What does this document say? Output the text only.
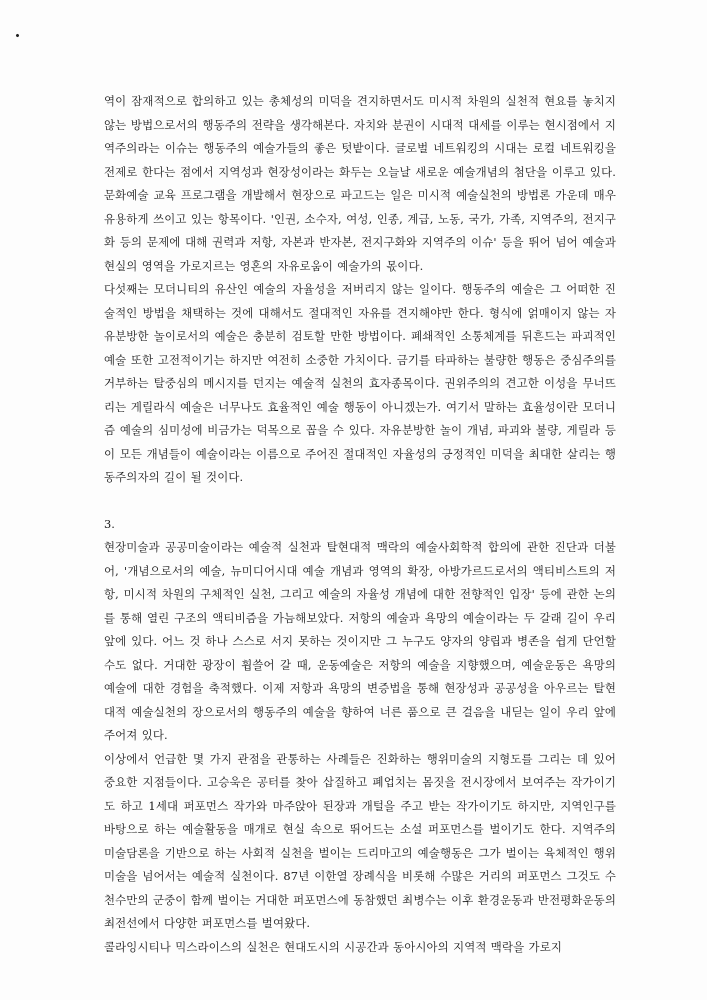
역이 잠재적으로 합의하고 있는 총체성의 미덕을 견지하면서도 미시적 차원의 실천적 현요를 놓치지 않는 방법으로서의 행동주의 전략을 생각해본다. 자치와 분권이 시대적 대세를 이루는 현시점에서 지역주의라는 이슈는 행동주의 예술가들의 좋은 텃밭이다. 글로벌 네트워킹의 시대는 로컬 네트워킹을 전제로 한다는 점에서 지역성과 현장성이라는 화두는 오늘날 새로운 예술개념의 첨단을 이루고 있다. 문화예술 교육 프로그램을 개발해서 현장으로 파고드는 일은 미시적 예술실천의 방법론 가운데 매우 유용하게 쓰이고 있는 항목이다. '인권, 소수자, 여성, 인종, 계급, 노동, 국가, 가족, 지역주의, 전지구화 등의 문제에 대해 권력과 저항, 자본과 반자본, 전지구화와 지역주의 이슈' 등을 뛰어 넘어 예술과 현실의 영역을 가로지르는 영혼의 자유로움이 예술가의 몫이다.

다섯째는 모더니티의 유산인 예술의 자율성을 저버리지 않는 일이다. 행동주의 예술은 그 어떠한 진술적인 방법을 채택하는 것에 대해서도 절대적인 자유를 견지해야만 한다. 형식에 얽매이지 않는 자유분방한 놀이로서의 예술은 충분히 검토할 만한 방법이다. 폐쇄적인 소통체계를 뒤흔드는 파괴적인 예술 또한 고전적이기는 하지만 여전히 소중한 가치이다. 금기를 타파하는 불량한 행동은 중심주의를 거부하는 탈중심의 메시지를 던지는 예술적 실천의 효자종목이다. 권위주의의 견고한 이성을 무너뜨리는 게릴라식 예술은 너무나도 효율적인 예술 행동이 아니겠는가. 여기서 말하는 효율성이란 모더니즘 예술의 심미성에 비금가는 덕목으로 꼽을 수 있다. 자유분방한 놀이 개념, 파괴와 불량, 게릴라 등 이 모든 개념들이 예술이라는 이름으로 주어진 절대적인 자율성의 긍정적인 미덕을 최대한 살리는 행동주의자의 길이 될 것이다.

3.

현장미술과 공공미술이라는 예술적 실천과 탈현대적 맥락의 예술사회학적 합의에 관한 진단과 더불어, '개념으로서의 예술, 뉴미디어시대 예술 개념과 영역의 확장, 아방가르드로서의 액티비스트의 저항, 미시적 차원의 구체적인 실천, 그리고 예술의 자율성 개념에 대한 전향적인 입장' 등에 관한 논의를 통해 열린 구조의 액티비즘을 가늠해보았다. 저항의 예술과 욕망의 예술이라는 두 갈래 길이 우리 앞에 있다. 어느 것 하나 스스로 서지 못하는 것이지만 그 누구도 양자의 양립과 병존을 쉽게 단언할 수도 없다. 거대한 광장이 휩쓸어 갈 때, 운동예술은 저항의 예술을 지향했으며, 예술운동은 욕망의 예술에 대한 경험을 축적했다. 이제 저항과 욕망의 변증법을 통해 현장성과 공공성을 아우르는 탈현대적 예술실천의 장으로서의 행동주의 예술을 향하여 너른 품으로 큰 걸음을 내딛는 일이 우리 앞에 주어져 있다.

이상에서 언급한 몇 가지 관점을 관통하는 사례들은 진화하는 행위미술의 지형도를 그리는 데 있어 중요한 지점들이다. 고승욱은 공터를 찾아 삽질하고 폐업치는 몸짓을 전시장에서 보여주는 작가이기도 하고 1세대 퍼포먼스 작가와 마주앉아 된장과 개털을 주고 받는 작가이기도 하지만, 지역인구를 바탕으로 하는 예술활동을 매개로 현실 속으로 뛰어드는 소설 퍼포먼스를 벌이기도 한다. 지역주의 미술담론을 기반으로 하는 사회적 실천을 벌이는 드리마고의 예술행동은 그가 벌이는 육체적인 행위미술을 넘어서는 예술적 실천이다. 87년 이한열 장례식을 비롯해 수많은 거리의 퍼포먼스 그것도 수천수만의 군중이 함께 벌이는 거대한 퍼포먼스에 동참했던 최병수는 이후 환경운동과 반전평화운동의 최전선에서 다양한 퍼포먼스를 벌여왔다.

콜라잉시티나 믹스라이스의 실천은 현대도시의 시공간과 동아시아의 지역적 맥락을 가로지
